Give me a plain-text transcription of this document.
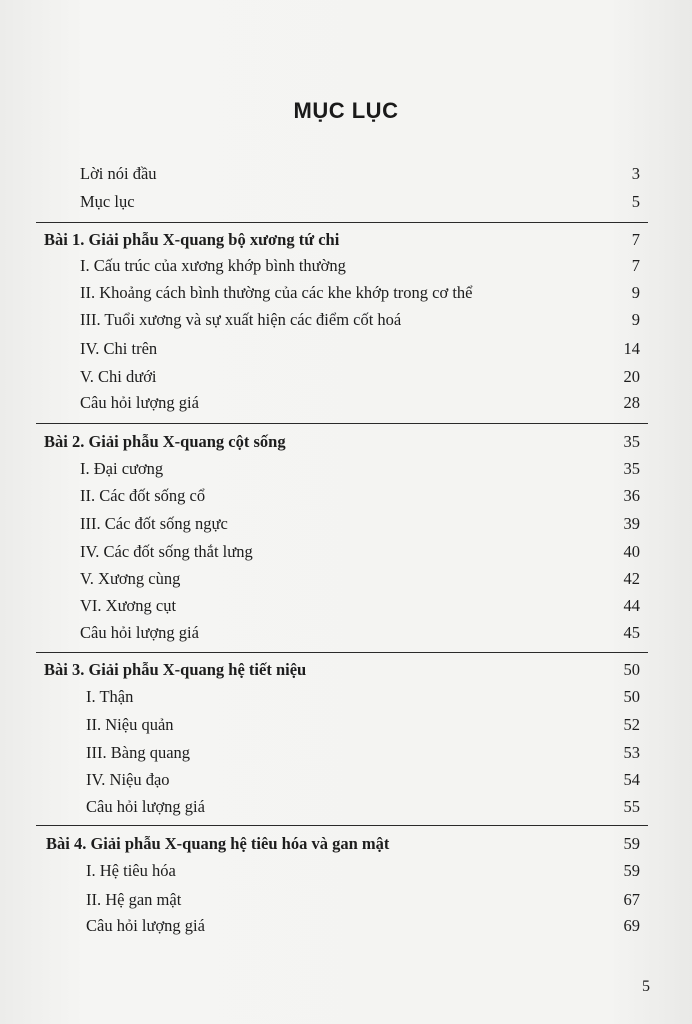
MỤC LỤC
Lời nói đầu	3
Mục lục	5
Bài 1. Giải phẫu X-quang bộ xương tứ chi	7
I. Cấu trúc của xương khớp bình thường	7
II. Khoảng cách bình thường của các khe khớp trong cơ thể	9
III. Tuổi xương và sự xuất hiện các điểm cốt hoá	9
IV. Chi trên	14
V. Chi dưới	20
Câu hỏi lượng giá	28
Bài 2. Giải phẫu X-quang cột sống	35
I. Đại cương	35
II. Các đốt sống cổ	36
III. Các đốt sống ngực	39
IV. Các đốt sống thắt lưng	40
V. Xương cùng	42
VI. Xương cụt	44
Câu hỏi lượng giá	45
Bài 3. Giải phẫu X-quang hệ tiết niệu	50
I. Thận	50
II. Niệu quản	52
III. Bàng quang	53
IV. Niệu đạo	54
Câu hỏi lượng giá	55
Bài 4. Giải phẫu X-quang hệ tiêu hóa và gan mật	59
I. Hệ tiêu hóa	59
II. Hệ gan mật	67
Câu hỏi lượng giá	69
5
